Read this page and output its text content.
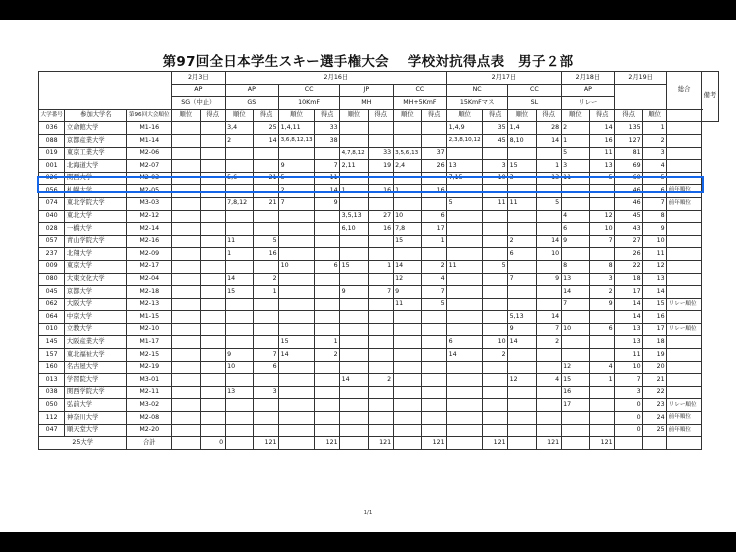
第97回全日本学生スキー選手権大会　 学校対抗得点表　男子２部
			2月3日		2月16日								2月17日				2月18日		2月19日		総合	備考
			AP		AP		CC		JP		CC		NC		CC		AP					
			SG（中止）		GS		10KmF		MH		MH+5KmF		15KmFマス		SL		リレー					
大学番号	参加大学名	第96回大会順位	順位	得点	順位	得点	順位	得点	順位	得点	順位	得点	順位	得点	順位	得点	順位	得点	得点	順位		
036	立命館大学	M1-16			3,4	25	1,4,11	33					1,4,9	35	1,4	28	2	14	135	1		
088	京都産業大学	M1-14			2	14	3,6,8,12,13	38					2,3,8,10,12	45	8,10	14	1	16	127	2		
019	東京工業大学	M2-06							4,7,8,12	33	3,5,6,13	37					5	11	81	3		
001	北海道大学	M2-07					9	7	2,11	19	2,4	26	13	3	15	1	3	13	69	4		
026	関西大学	M2-03			5,6	21	5	11					7,15	10	3	13	11	5	60	5		
056	札幌大学	M2-05					2	14	1	16	1	16							46	6	前年順位	
074	東北学院大学	M3-03			7,8,12	21	7	9					5	11	11	5			46	7	前年順位	
040	東北大学	M2-12							3,5,13	27	10	6					4	12	45	8		
028	一橋大学	M2-14							6,10	16	7,8	17					6	10	43	9		
057	青山学院大学	M2-16			11	5					15	1			2	14	9	7	27	10		
237	北翔大学	M2-09			1	16									6	10			26	11		
009	東京大学	M2-17					10	6	15	1	14	2	11	5			8	8	22	12		
080	大東文化大学	M2-04			14	2					12	4			7	9	13	3	18	13		
045	京都大学	M2-18			15	1			9	7	9	7					14	2	17	14		
062	大阪大学	M2-13									11	5					7	9	14	15	リレー順位	
064	中京大学	M1-15													5,13	14			14	16		
010	立教大学	M2-10													9	7	10	6	13	17	リレー順位	
145	大阪産業大学	M1-17					15	1					6	10	14	2			13	18		
157	東北福祉大学	M2-15			9	7	14	2					14	2					11	19		
160	名古屋大学	M2-19			10	6											12	4	10	20		
013	学習院大学	M3-01							14	2					12	4	15	1	7	21		
038	関西学院大学	M2-11			13	3											16		3	22		
050	弘前大学	M3-02															17		0	23	リレー順位	
112	神奈川大学	M2-08																	0	24	前年順位	
047	順天堂大学	M2-20																	0	25	前年順位	
25大学		合計		0		121		121		121		121		121		121		121				
1/1
